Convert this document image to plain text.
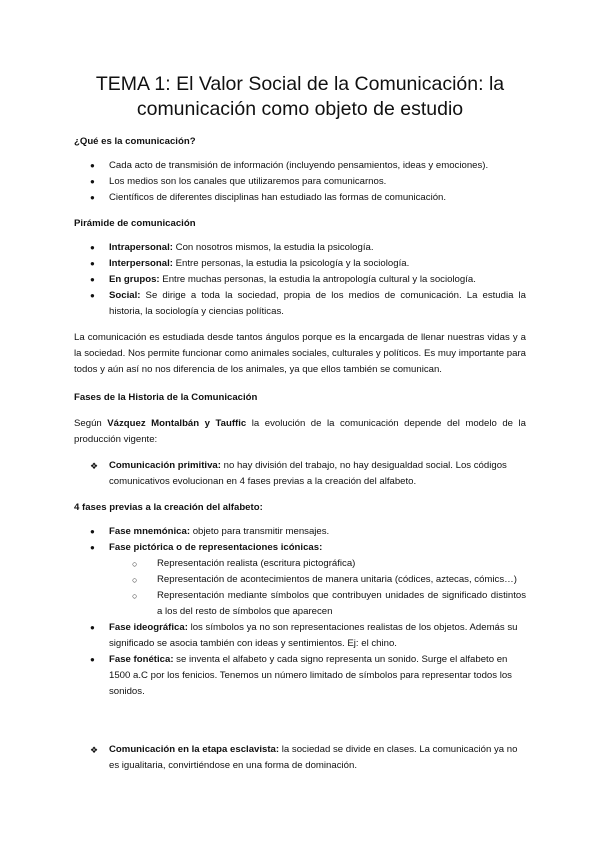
TEMA 1: El Valor Social de la Comunicación: la
comunicación como objeto de estudio

¿Qué es la comunicación?

● Cada acto de transmisión de información (incluyendo pensamientos, ideas y emociones).
● Los medios son los canales que utilizaremos para comunicarnos.
● Científicos de diferentes disciplinas han estudiado las formas de comunicación.

Pirámide de comunicación

● Intrapersonal: Con nosotros mismos, la estudia la psicología.
● Interpersonal: Entre personas, la estudia la psicología y la sociología.
● En grupos: Entre muchas personas, la estudia la antropología cultural y la sociología.
● Social: Se dirige a toda la sociedad, propia de los medios de comunicación. La estudia la historia, la sociología y ciencias políticas.

La comunicación es estudiada desde tantos ángulos porque es la encargada de llenar nuestras vidas y a la sociedad. Nos permite funcionar como animales sociales, culturales y políticos. Es muy importante para todos y aún así no nos diferencia de los animales, ya que ellos también se comunican.

Fases de la Historia de la Comunicación

Según Vázquez Montalbán y Tauffic la evolución de la comunicación depende del modelo de la producción vigente:

❖ Comunicación primitiva: no hay división del trabajo, no hay desigualdad social. Los códigos comunicativos evolucionan en 4 fases previas a la creación del alfabeto.

4 fases previas a la creación del alfabeto:

● Fase mnemónica: objeto para transmitir mensajes.
● Fase pictórica o de representaciones icónicas:
○ Representación realista (escritura pictográfica)
○ Representación de acontecimientos de manera unitaria (códices, aztecas, cómics…)
○ Representación mediante símbolos que contribuyen unidades de significado distintos a los del resto de símbolos que aparecen
● Fase ideográfica: los símbolos ya no son representaciones realistas de los objetos. Además su significado se asocia también con ideas y sentimientos. Ej: el chino.
● Fase fonética: se inventa el alfabeto y cada signo representa un sonido. Surge el alfabeto en 1500 a.C por los fenicios. Tenemos un número limitado de símbolos para representar todos los sonidos.
❖ Comunicación en la etapa esclavista: la sociedad se divide en clases. La comunicación ya no es igualitaria, convirtiéndose en una forma de dominación.
